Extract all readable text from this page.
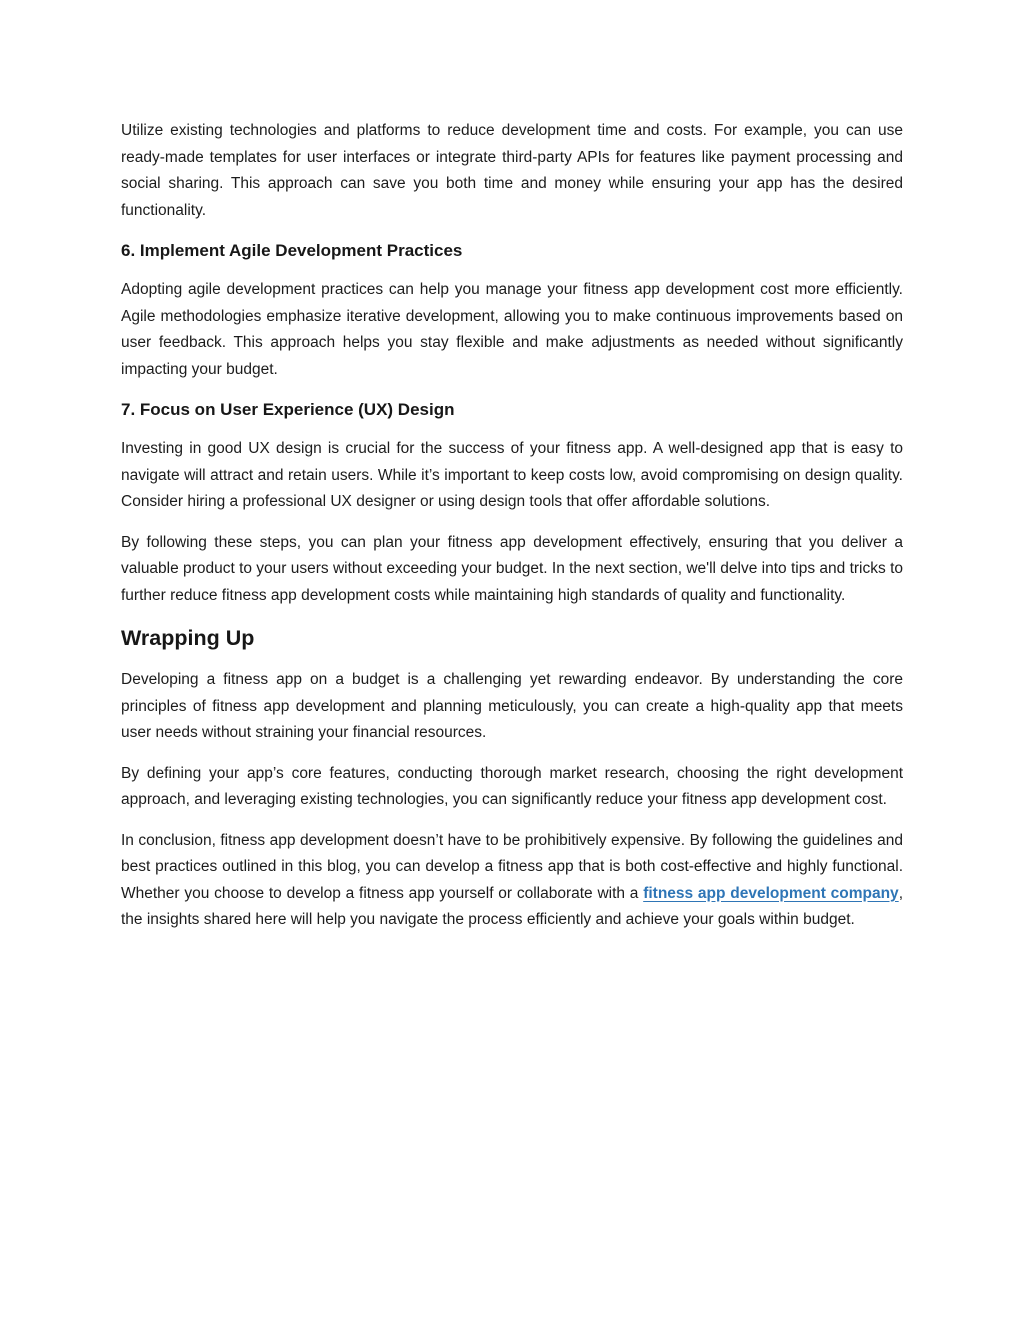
Utilize existing technologies and platforms to reduce development time and costs. For example, you can use ready-made templates for user interfaces or integrate third-party APIs for features like payment processing and social sharing. This approach can save you both time and money while ensuring your app has the desired functionality.

6. Implement Agile Development Practices

Adopting agile development practices can help you manage your fitness app development cost more efficiently. Agile methodologies emphasize iterative development, allowing you to make continuous improvements based on user feedback. This approach helps you stay flexible and make adjustments as needed without significantly impacting your budget.

7. Focus on User Experience (UX) Design

Investing in good UX design is crucial for the success of your fitness app. A well-designed app that is easy to navigate will attract and retain users. While it’s important to keep costs low, avoid compromising on design quality. Consider hiring a professional UX designer or using design tools that offer affordable solutions.

By following these steps, you can plan your fitness app development effectively, ensuring that you deliver a valuable product to your users without exceeding your budget. In the next section, we'll delve into tips and tricks to further reduce fitness app development costs while maintaining high standards of quality and functionality.

Wrapping Up

Developing a fitness app on a budget is a challenging yet rewarding endeavor. By understanding the core principles of fitness app development and planning meticulously, you can create a high-quality app that meets user needs without straining your financial resources.

By defining your app’s core features, conducting thorough market research, choosing the right development approach, and leveraging existing technologies, you can significantly reduce your fitness app development cost.

In conclusion, fitness app development doesn’t have to be prohibitively expensive. By following the guidelines and best practices outlined in this blog, you can develop a fitness app that is both cost-effective and highly functional. Whether you choose to develop a fitness app yourself or collaborate with a fitness app development company, the insights shared here will help you navigate the process efficiently and achieve your goals within budget.
